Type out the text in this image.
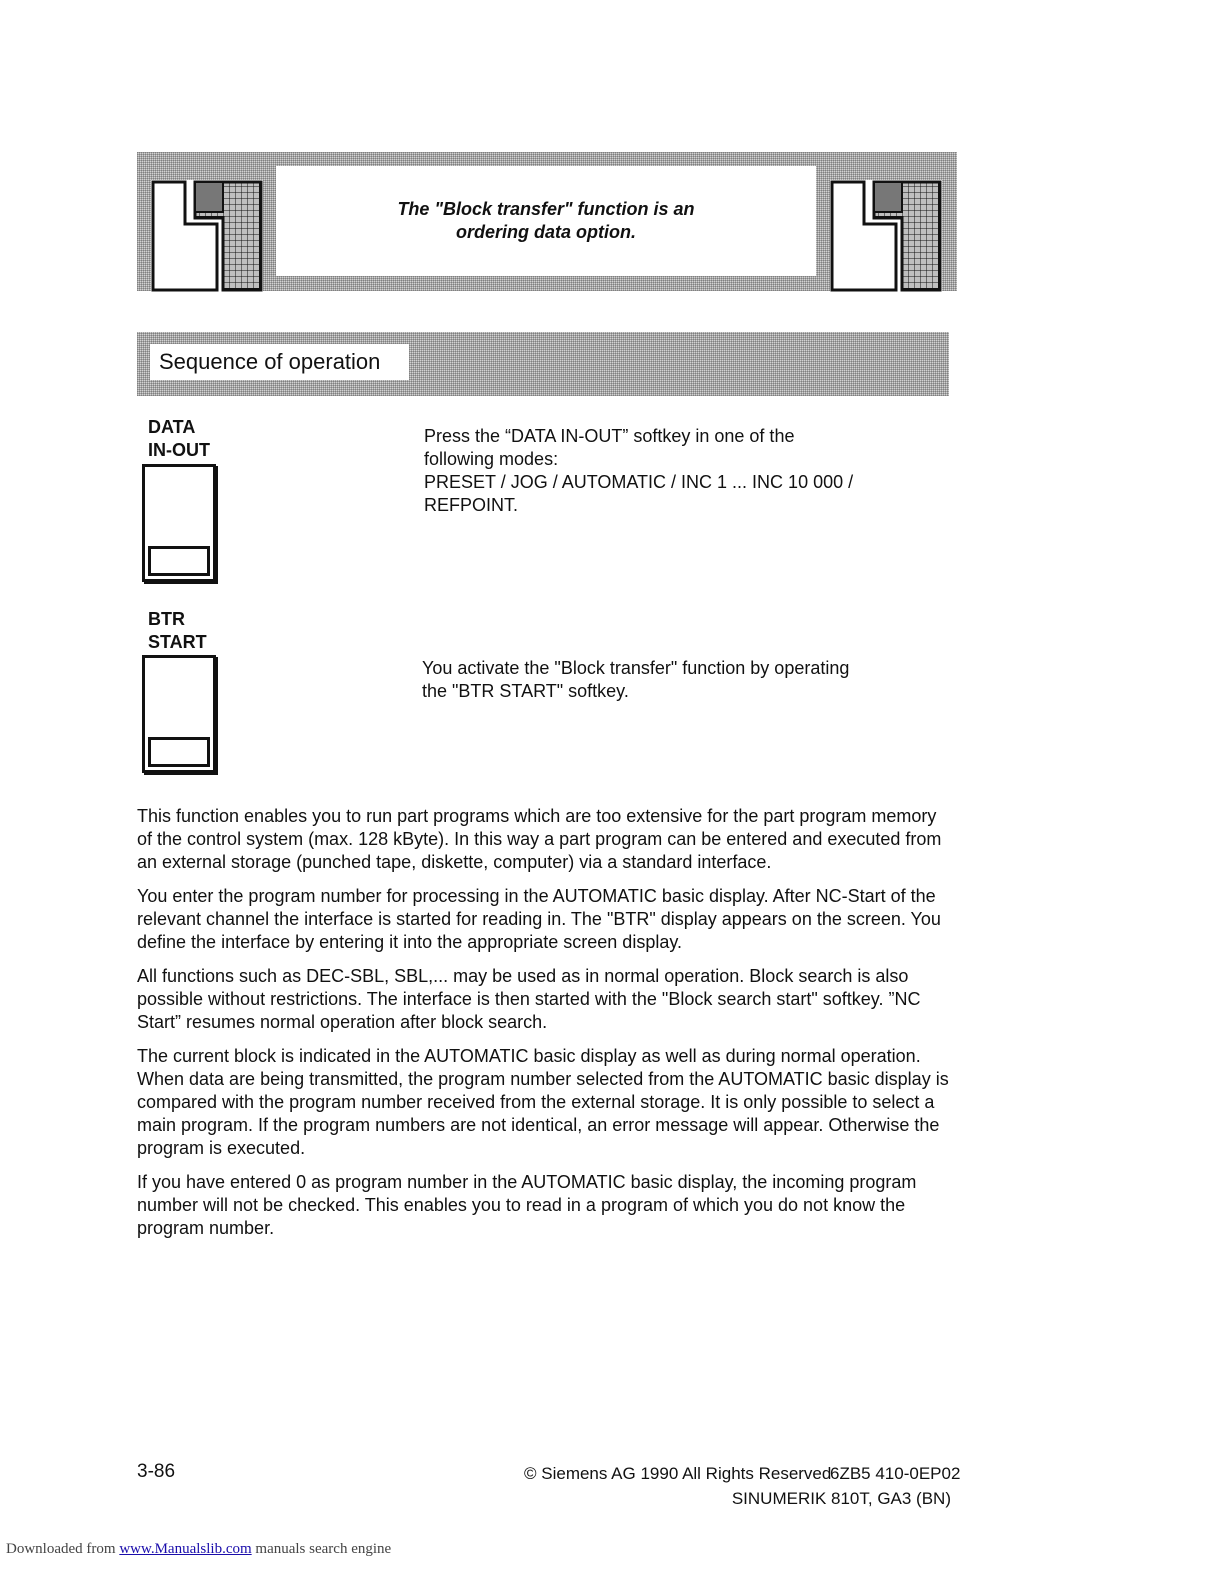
The "Block transfer" function is an
ordering data option.
Sequence of operation
DATA
IN-OUT
Press the “DATA IN-OUT” softkey in one of the
following modes:
PRESET / JOG / AUTOMATIC / INC 1 ... INC 10 000 /
REFPOINT.
BTR
START
You activate the "Block transfer" function by operating
the "BTR START" softkey.

This function enables you to run part programs which are too extensive for the part program memory of the control system (max. 128 kByte). In this way a part program can be entered and executed from an external storage (punched tape, diskette, computer) via a standard interface.

You enter the program number for processing in the AUTOMATIC basic display. After NC-Start of the relevant channel the interface is started for reading in. The "BTR" display appears on the screen. You define the interface by entering it into the appropriate screen display.

All functions such as DEC-SBL, SBL,... may be used as in normal operation. Block search is also possible without restrictions. The interface is then started with the "Block search start" softkey. ”NC Start” resumes normal operation after block search.

The current block is indicated in the AUTOMATIC basic display as well as during normal operation. When data are being transmitted, the program number selected from the AUTOMATIC basic display is compared with the program number received from the external storage. It is only possible to select a main program. If the program numbers are not identical, an error message will appear. Otherwise the program is executed.

If you have entered 0 as program number in the AUTOMATIC basic display, the incoming program number will not be checked. This enables you to read in a program of which you do not know the program number.

3-86	© Siemens AG 1990 All Rights Reserved
6ZB5 410-0EP02
SINUMERIK 810T, GA3 (BN)
Downloaded from www.Manualslib.com manuals search engine
